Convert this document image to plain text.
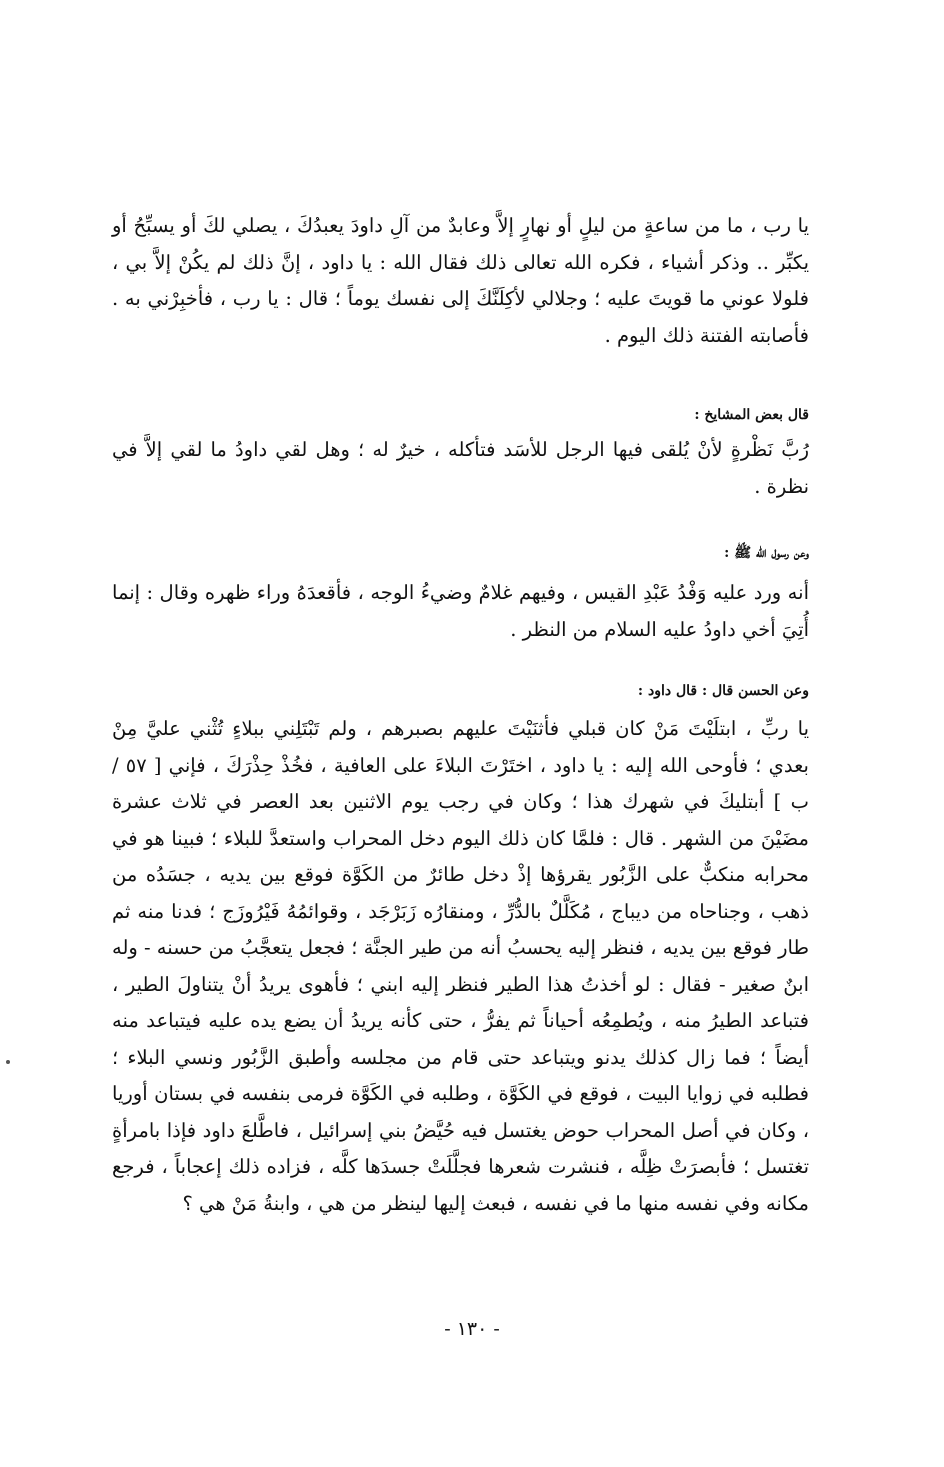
يا رب ، ما من ساعةٍ من ليلٍ أو نهارٍ إلاَّ وعابدٌ من آلِ داودَ يعبدُكَ ، يصلي لكَ أو يسبِّحُ أو يكبِّر .. وذكر أشياء ، فكره الله تعالى ذلك فقال الله : يا داود ، إنَّ ذلك لم يكُنْ إلاَّ بي ، فلولا عوني ما قويتَ عليه ؛ وجلالي لأكِلَنَّكَ إلى نفسك يوماً ؛ قال : يا رب ، فأخبِرْني به . فأصابته الفتنة ذلك اليوم .
قال بعض المشايخ :
رُبَّ نَظْرةٍ لأنْ يُلقى فيها الرجل للأسَد فتأكله ، خيرٌ له ؛ وهل لقي داودُ ما لقي إلاَّ في نظرة .
وعن رسول الله ﷺ :
أنه ورد عليه وَفْدُ عَبْدِ القيس ، وفيهم غلامٌ وضيءُ الوجه ، فأقعدَهُ وراء ظهره وقال : إنما أُتِيَ أخي داودُ عليه السلام من النظر .
وعن الحسن قال : قال داود :
يا ربِّ ، ابتلَيْتَ مَنْ كان قبلي فأثنَيْتَ عليهم بصبرهم ، ولم تَبْتَلِني ببلاءٍ تُثْني عليَّ مِنْ بعدي ؛ فأوحى الله إليه : يا داود ، اختَرْتَ البلاءَ على العافية ، فخُذْ حِذْرَكَ ، فإني [ ٥٧ / ب ] أبتليكَ في شهرك هذا ؛ وكان في رجب يوم الاثنين بعد العصر في ثلاث عشرة مضَيْنَ من الشهر . قال : فلمَّا كان ذلك اليوم دخل المحراب واستعدَّ للبلاء ؛ فبينا هو في محرابه منكبٌّ على الزَّبُور يقرؤها إذْ دخل طائرٌ من الكَوَّة فوقع بين يديه ، جسَدُه من ذهب ، وجناحاه من ديباج ، مُكَلَّلٌ بالدُّرِّ ، ومنقارُه زَبَرْجَد ، وقوائمُهُ فَيْرُوزَج ؛ فدنا منه ثم طار فوقع بين يديه ، فنظر إليه يحسبُ أنه من طير الجنَّة ؛ فجعل يتعجَّبُ من حسنه - وله ابنٌ صغير - فقال : لو أخذتُ هذا الطير فنظر إليه ابني ؛ فأهوى يريدُ أنْ يتناولَ الطير ، فتباعد الطيرُ منه ، ويُطمِعُه أحياناً ثم يفرُّ ، حتى كأنه يريدُ أن يضع يده عليه فيتباعد منه أيضاً ؛ فما زال كذلك يدنو ويتباعد حتى قام من مجلسه وأطبق الزَّبُور ونسي البلاء ؛ فطلبه في زوايا البيت ، فوقع في الكَوَّة ، وطلبه في الكَوَّة فرمى بنفسه في بستان أوريا ، وكان في أصل المحراب حوض يغتسل فيه حُيَّضُ بني إسرائيل ، فاطَّلعَ داود فإذا بامرأةٍ تغتسل ؛ فأبصرَتْ ظِلَّه ، فنشرت شعرها فجلَّلَتْ جسدَها كلَّه ، فزاده ذلك إعجاباً ، فرجع مكانه وفي نفسه منها ما في نفسه ، فبعث إليها لينظر من هي ، وابنةُ مَنْ هي ؟
- ١٣٠ -
